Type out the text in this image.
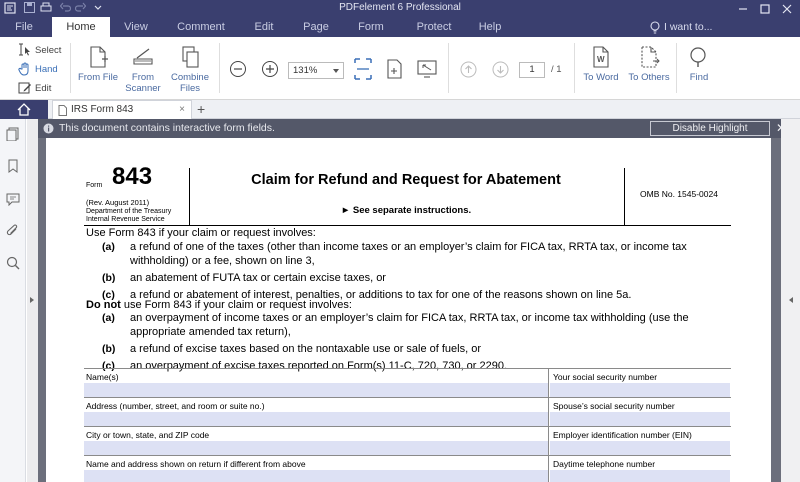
PDFelement 6 Professional
File	Home	View	Comment	Edit	Page	Form	Protect	Help	I want to...
Select
Hand
Edit
From File	From Scanner
Combine Files
131%	1	/ 1
W
To Word	To Others	Find
IRS Form 843	× +
This document contains interactive form fields.	Disable Highlight	✕
Form 843
(Rev. August 2011)
Department of the Treasury
Internal Revenue Service
Claim for Refund and Request for Abatement
► See separate instructions.
OMB No. 1545-0024
Use Form 843 if your claim or request involves:
(a) a refund of one of the taxes (other than income taxes or an employer’s claim for FICA tax, RRTA tax, or income tax
withholding) or a fee, shown on line 3,
(b) an abatement of FUTA tax or certain excise taxes, or
(c) a refund or abatement of interest, penalties, or additions to tax for one of the reasons shown on line 5a.
Do not use Form 843 if your claim or request involves:
(a) an overpayment of income taxes or an employer’s claim for FICA tax, RRTA tax, or income tax withholding (use the
appropriate amended tax return),
(b) a refund of excise taxes based on the nontaxable use or sale of fuels, or
(c) an overpayment of excise taxes reported on Form(s) 11-C, 720, 730, or 2290.
Name(s)	Your social security number
Address (number, street, and room or suite no.)	Spouse’s social security number
City or town, state, and ZIP code	Employer identification number (EIN)
Name and address shown on return if different from above	Daytime telephone number
